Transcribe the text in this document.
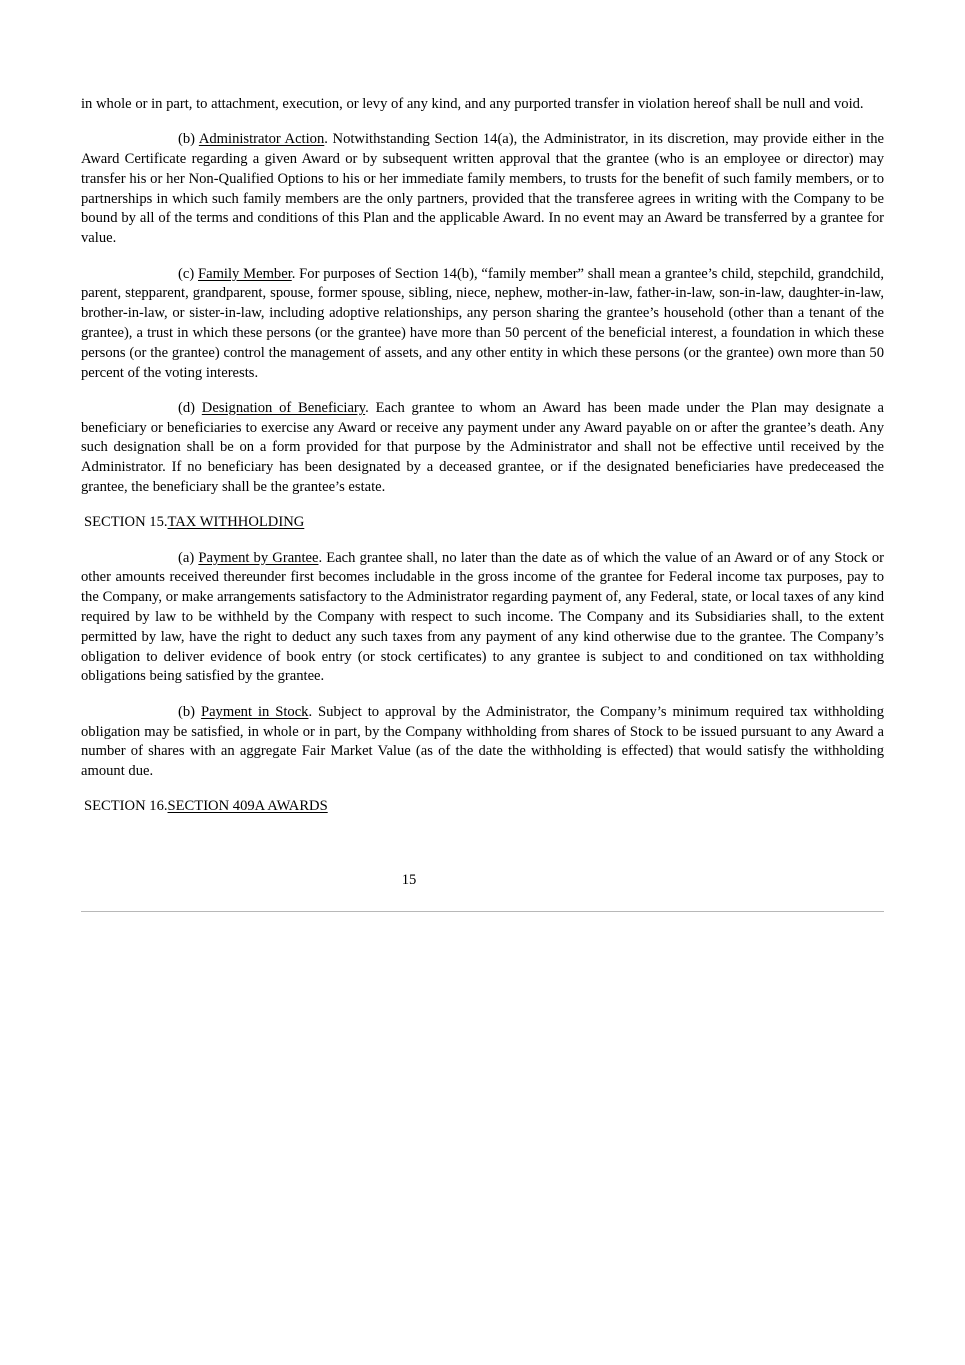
in whole or in part, to attachment, execution, or levy of any kind, and any purported transfer in violation hereof shall be null and void.

(b) Administrator Action. Notwithstanding Section 14(a), the Administrator, in its discretion, may provide either in the Award Certificate regarding a given Award or by subsequent written approval that the grantee (who is an employee or director) may transfer his or her Non-Qualified Options to his or her immediate family members, to trusts for the benefit of such family members, or to partnerships in which such family members are the only partners, provided that the transferee agrees in writing with the Company to be bound by all of the terms and conditions of this Plan and the applicable Award. In no event may an Award be transferred by a grantee for value.

(c) Family Member. For purposes of Section 14(b), “family member” shall mean a grantee’s child, stepchild, grandchild, parent, stepparent, grandparent, spouse, former spouse, sibling, niece, nephew, mother-in-law, father-in-law, son-in-law, daughter-in-law, brother-in-law, or sister-in-law, including adoptive relationships, any person sharing the grantee’s household (other than a tenant of the grantee), a trust in which these persons (or the grantee) have more than 50 percent of the beneficial interest, a foundation in which these persons (or the grantee) control the management of assets, and any other entity in which these persons (or the grantee) own more than 50 percent of the voting interests.

(d) Designation of Beneficiary. Each grantee to whom an Award has been made under the Plan may designate a beneficiary or beneficiaries to exercise any Award or receive any payment under any Award payable on or after the grantee’s death. Any such designation shall be on a form provided for that purpose by the Administrator and shall not be effective until received by the Administrator. If no beneficiary has been designated by a deceased grantee, or if the designated beneficiaries have predeceased the grantee, the beneficiary shall be the grantee’s estate.

SECTION 15.TAX WITHHOLDING

(a) Payment by Grantee. Each grantee shall, no later than the date as of which the value of an Award or of any Stock or other amounts received thereunder first becomes includable in the gross income of the grantee for Federal income tax purposes, pay to the Company, or make arrangements satisfactory to the Administrator regarding payment of, any Federal, state, or local taxes of any kind required by law to be withheld by the Company with respect to such income. The Company and its Subsidiaries shall, to the extent permitted by law, have the right to deduct any such taxes from any payment of any kind otherwise due to the grantee. The Company’s obligation to deliver evidence of book entry (or stock certificates) to any grantee is subject to and conditioned on tax withholding obligations being satisfied by the grantee.

(b) Payment in Stock. Subject to approval by the Administrator, the Company’s minimum required tax withholding obligation may be satisfied, in whole or in part, by the Company withholding from shares of Stock to be issued pursuant to any Award a number of shares with an aggregate Fair Market Value (as of the date the withholding is effected) that would satisfy the withholding amount due.

SECTION 16.SECTION 409A AWARDS

15
